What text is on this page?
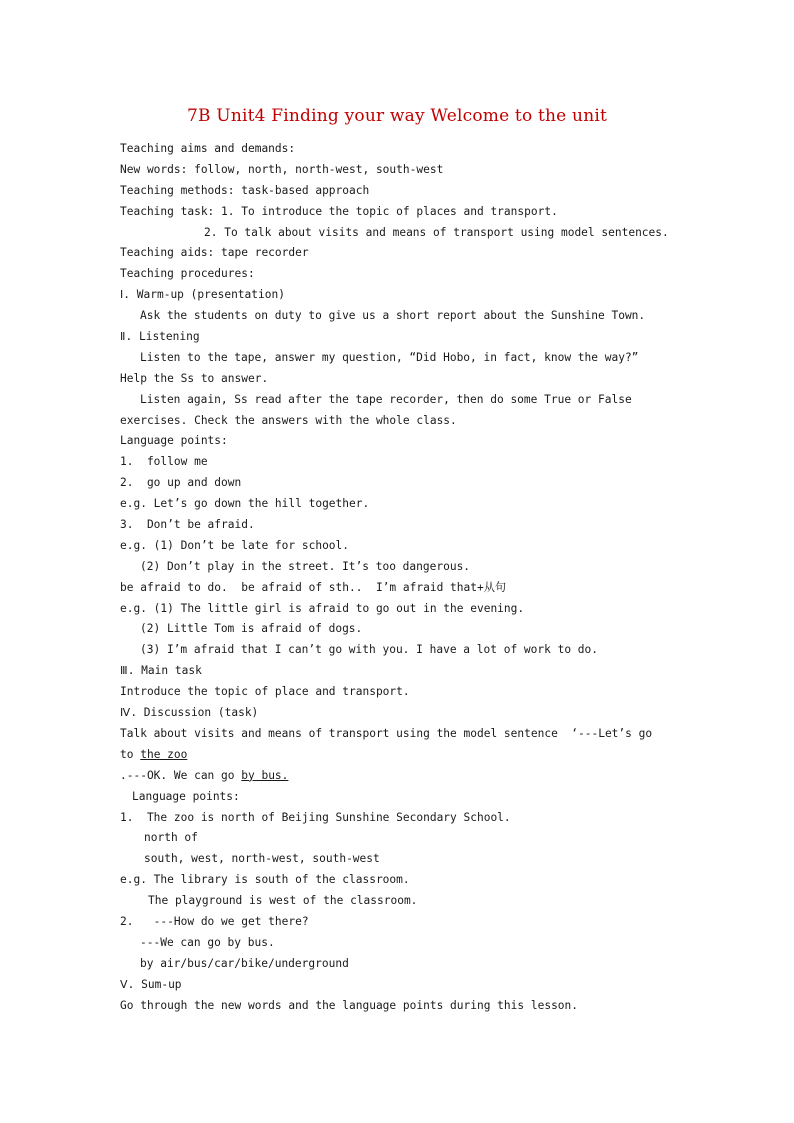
7B Unit4 Finding your way Welcome to the unit
Teaching aims and demands:
New words: follow, north, north-west, south-west
Teaching methods: task-based approach
Teaching task: 1. To introduce the topic of places and transport.
2. To talk about visits and means of transport using model sentences.
Teaching aids: tape recorder
Teaching procedures:
Ⅰ. Warm-up (presentation)
Ask the students on duty to give us a short report about the Sunshine Town.
Ⅱ. Listening
Listen to the tape, answer my question, “Did Hobo, in fact, know the way?”
Help the Ss to answer.
Listen again, Ss read after the tape recorder, then do some True or False
exercises. Check the answers with the whole class.
Language points:
1.  follow me
2.  go up and down
e.g. Let’s go down the hill together.
3.  Don’t be afraid.
e.g. (1) Don’t be late for school.
(2) Don’t play in the street. It’s too dangerous.
be afraid to do.  be afraid of sth..  I’m afraid that+从句
e.g. (1) The little girl is afraid to go out in the evening.
(2) Little Tom is afraid of dogs.
(3) I’m afraid that I can’t go with you. I have a lot of work to do.
Ⅲ. Main task
Introduce the topic of place and transport.
Ⅳ. Discussion (task)
Talk about visits and means of transport using the model sentence  ‘---Let’s go
to the zoo
.---OK. We can go by bus.
Language points:
1.  The zoo is north of Beijing Sunshine Secondary School.
north of
south, west, north-west, south-west
e.g. The library is south of the classroom.
The playground is west of the classroom.
2.   ---How do we get there?
---We can go by bus.
by air/bus/car/bike/underground
Ⅴ. Sum-up
Go through the new words and the language points during this lesson.
